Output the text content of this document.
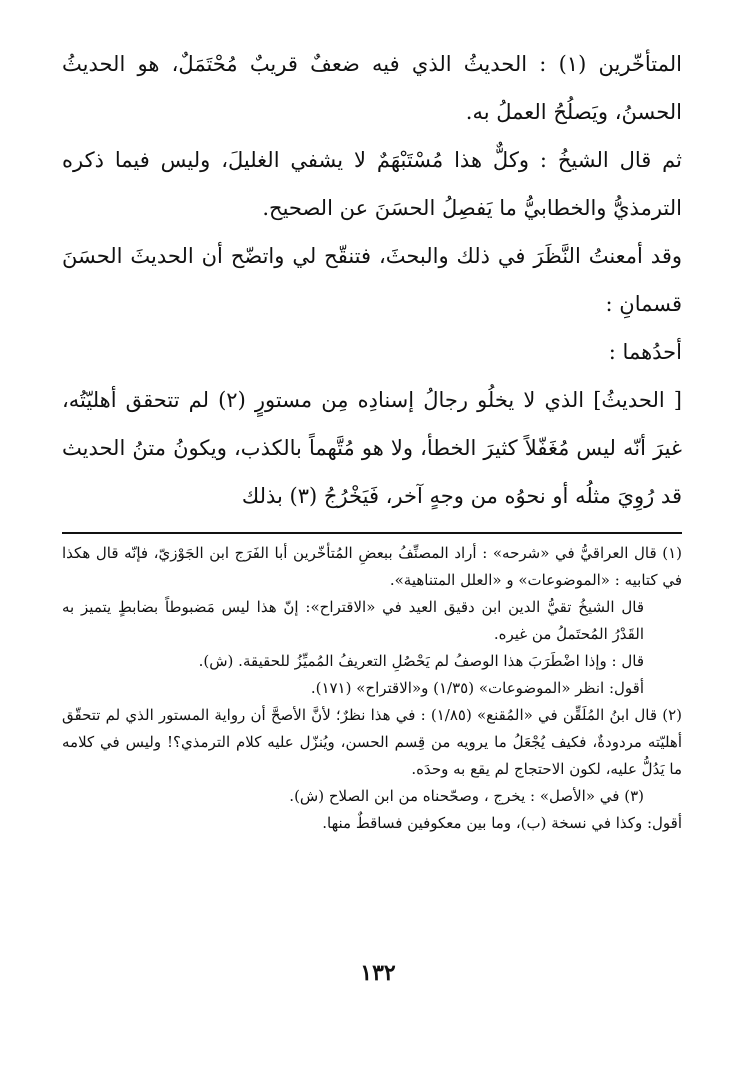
المتأخّرين (١) : الحديثُ الذي فيه ضعفٌ قريبٌ مُحْتَمَلٌ، هو الحديثُ الحسنُ، ويَصلُحُ العملُ به.

ثم قال الشيخُ : وكلٌّ هذا مُسْتَبْهَمٌ لا يشفي الغليلَ، وليس فيما ذكره الترمذيُّ والخطابيُّ ما يَفصِلُ الحسَنَ عن الصحيح.

وقد أمعنتُ النَّظَرَ في ذلك والبحثَ، فتنقّح لي واتضّح أن الحديثَ الحسَنَ قسمانِ :

أحدُهما :

[ الحديثُ] الذي لا يخلُو رجالُ إسنادِه مِن مستورٍ (٢) لم تتحقق أهليّتُه، غيرَ أنّه ليس مُغَفّلاً كثيرَ الخطأ، ولا هو مُتَّهماً بالكذب، ويكونُ متنُ الحديث قد رُوِيَ مثلُه أو نحوُه من وجهٍ آخر، فَيَخْرُجُ (٣) بذلك

(١) قال العراقيُّ في «شرحه» : أراد المصنِّفُ ببعضِ المُتأخّرين أبا الفَرَج ابن الجَوْزيّ، فإنّه قال هكذا في كتابيه : «الموضوعات» و «العلل المتناهية».

قال الشيخُ تقيُّ الدين ابن دقيق العيد في «الاقتراح»: إنّ هذا ليس مَضبوطاً بضابطٍ يتميز به القَدْرُ المُحتَملُ من غيره.

قال : وإذا اضْطَرَبَ هذا الوصفُ لم يَحْصُلِ التعريفُ المُميِّزُ للحقيقة. (ش).

أقول: انظر «الموضوعات» (١/٣٥) و«الاقتراح» (١٧١).

(٢) قال ابنُ المُلَقِّن في «المُقنع» (١/٨٥) : في هذا نظرٌ؛ لأنَّ الأصحَّ أن رواية المستور الذي لم تتحقّق أهليّته مردودةٌ، فكيف يُجْعَلُ ما يرويه من قِسم الحسن، ويُنزّل عليه كلام الترمذي؟! وليس في كلامه ما يَدُلُّ عليه، لكون الاحتجاج لم يقع به وحدَه.

(٣) في «الأصل» : يخرج ، وصحّحناه من ابن الصلاح (ش).

أقول: وكذا في نسخة (ب)، وما بين معكوفين فساقطٌ منها.

١٣٢
